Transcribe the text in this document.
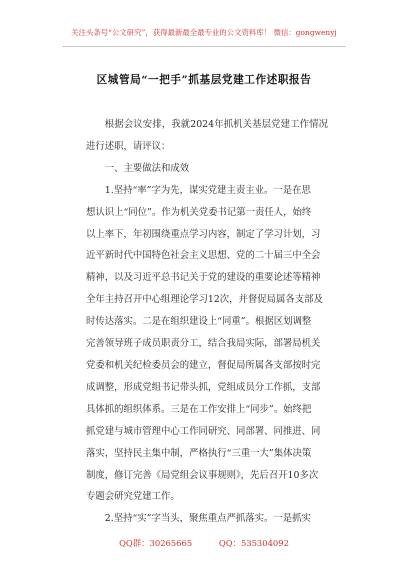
关注头条号“公文研究”，获得最新最全最专业的公文资料库！ 微信：gongwenyj
区城管局“一把手”抓基层党建工作述职报告

根据会议安排，我就2024年抓机关基层党建工作情况进行述职，请评议：

一、主要做法和成效

1.坚持“率”字为先，谋实党建主责主业。一是在思
想认识上“同位”。作为机关党委书记第一责任人，始终
以上率下，年初围绕重点学习内容，制定了学习计划，习
近平新时代中国特色社会主义思想、党的二十届三中全会
精神，以及习近平总书记关于党的建设的重要论述等精神
全年主持召开中心组理论学习12次，并督促局属各支部及
时传达落实。二是在组织建设上“同重”。根据区划调整
完善领导班子成员职责分工，结合我局实际，部署局机关
党委和机关纪检委员会的建立，督促局所属各支部按时完
成调整，形成党组书记带头抓，党组成员分工作抓，支部
具体抓的组织体系。三是在工作安排上“同步”。始终把
抓党建与城市管理中心工作同研究、同部署、同推进、同
落实，坚持民主集中制，严格执行“三重一大”集体决策
制度，修订完善《局党组会议事规则》，先后召开10多次
专题会研究党建工作。

2.坚持“实”字当头，聚焦重点严抓落实。一是抓实

QQ群：30265665	QQ：535304092
